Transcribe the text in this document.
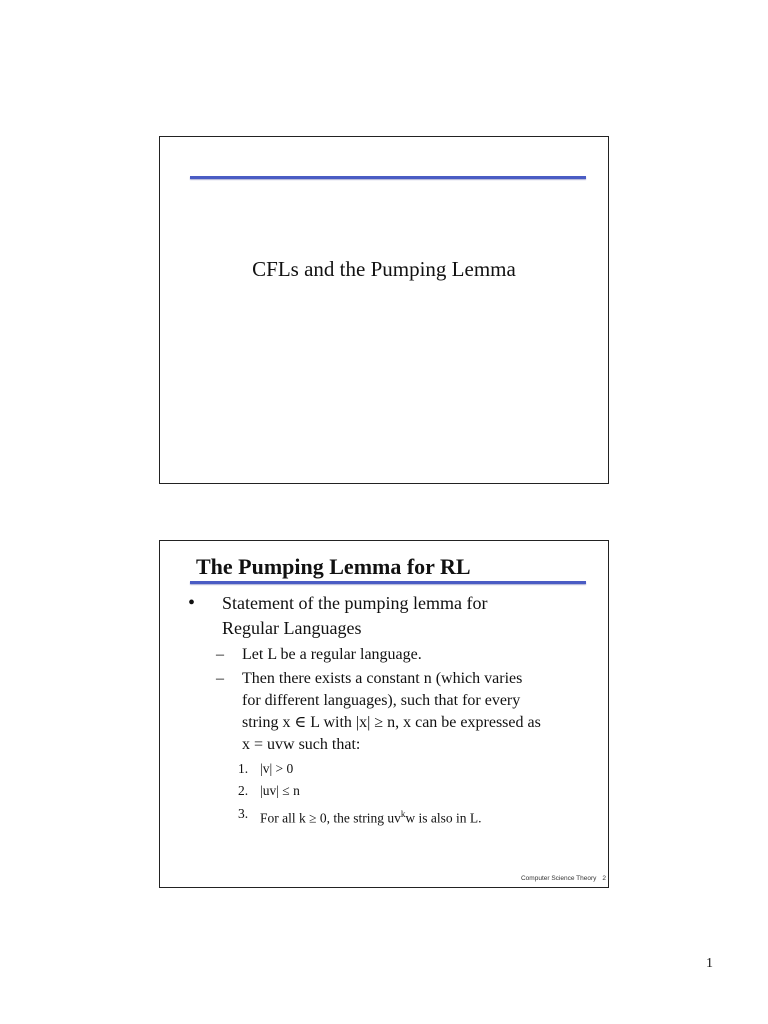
CFLs and the Pumping Lemma
The Pumping Lemma for RL
• Statement of the pumping lemma for
Regular Languages
– Let L be a regular language.
– Then there exists a constant n (which varies
for different languages), such that for every
string x ∈ L with |x| ≥ n, x can be expressed as
x = uvw such that:
1. |v| > 0
2. |uv| ≤ n
3. For all k ≥ 0, the string $uv^kw$ is also in L.
Computer Science Theory 2
1
